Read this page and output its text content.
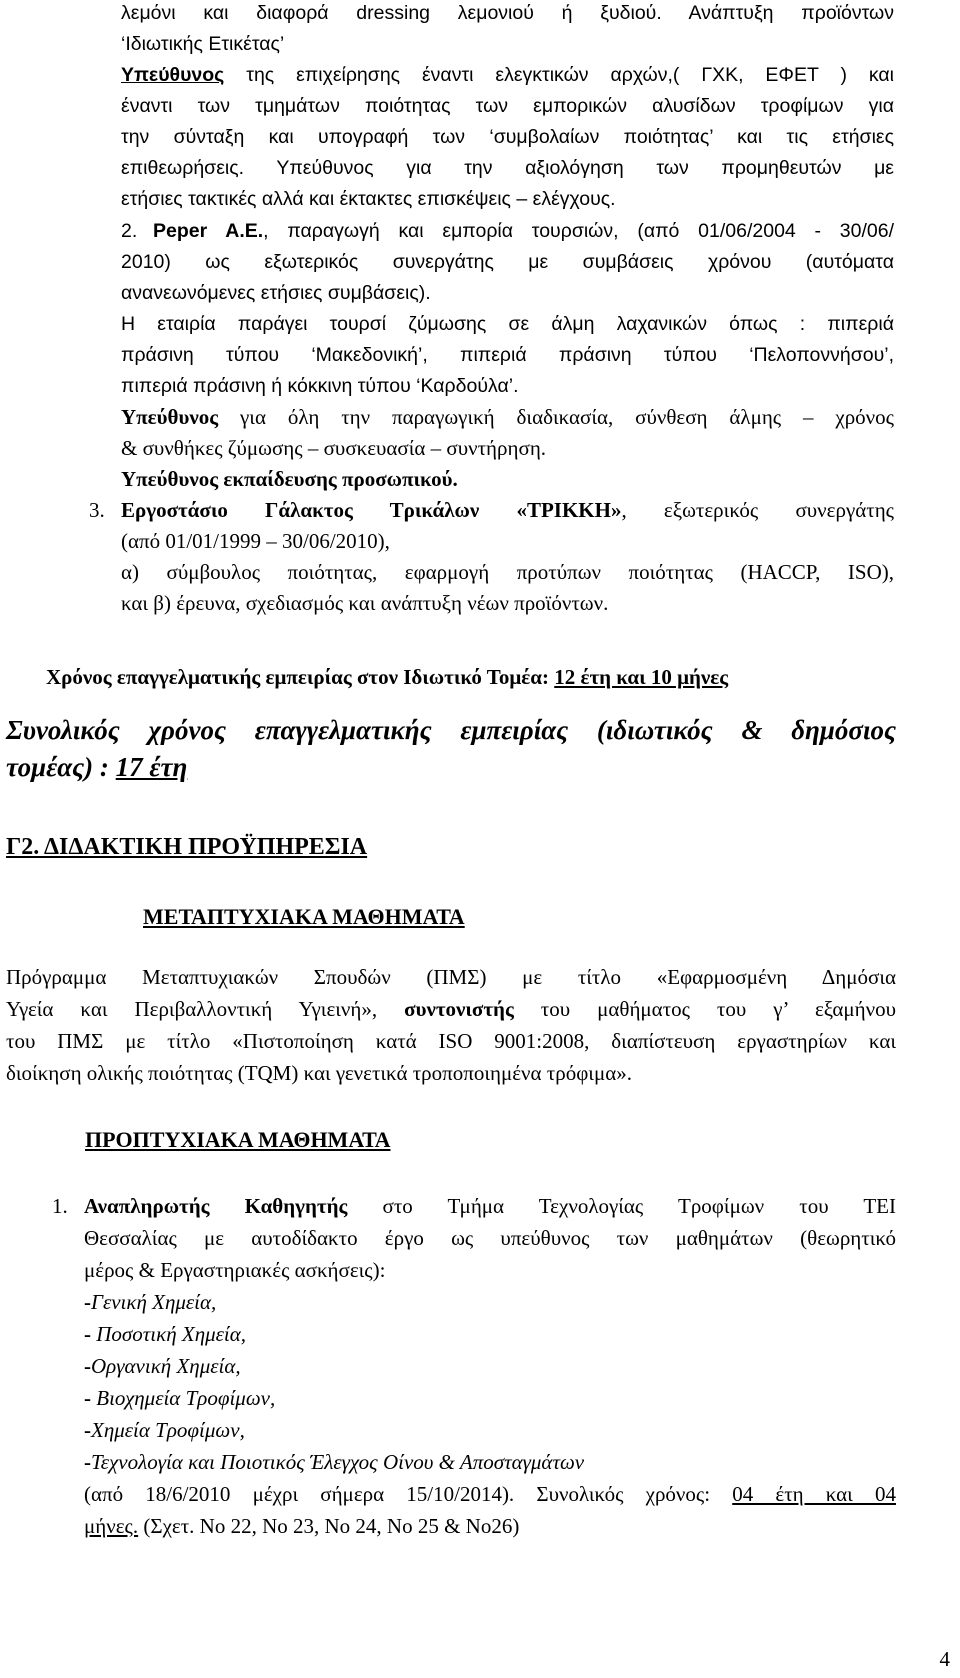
λεμόνι και διαφορά dressing λεμονιού ή ξυδιού. Ανάπτυξη προϊόντων

‘Ιδιωτικής Ετικέτας’

Υπεύθυνος της επιχείρησης έναντι ελεγκτικών αρχών,( ΓΧΚ, ΕΦΕΤ ) και

έναντι των τμημάτων ποιότητας των εμπορικών αλυσίδων τροφίμων για

την σύνταξη και υπογραφή των ‘συμβολαίων ποιότητας’ και τις ετήσιες

επιθεωρήσεις. Υπεύθυνος για την αξιολόγηση των προμηθευτών με

ετήσιες τακτικές αλλά και έκτακτες επισκέψεις – ελέγχους.

2. Peper A.E., παραγωγή και εμπορία τουρσιών, (από 01/06/2004 - 30/06/

2010) ως εξωτερικός συνεργάτης με συμβάσεις χρόνου (αυτόματα

ανανεωνόμενες ετήσιες συμβάσεις).

Η εταιρία παράγει τουρσί ζύμωσης σε άλμη λαχανικών όπως : πιπεριά

πράσινη τύπου ‘Μακεδονική’, πιπεριά πράσινη τύπου ‘Πελοποννήσου’,

πιπεριά πράσινη ή κόκκινη τύπου ‘Καρδούλα’.

Υπεύθυνος για όλη την παραγωγική διαδικασία, σύνθεση άλμης – χρόνος

& συνθήκες ζύμωσης – συσκευασία – συντήρηση.

Υπεύθυνος εκπαίδευσης προσωπικού.

3. Εργοστάσιο Γάλακτος Τρικάλων «ΤΡΙΚΚΗ», εξωτερικός συνεργάτης

(από 01/01/1999 – 30/06/2010),

α) σύμβουλος ποιότητας, εφαρμογή προτύπων ποιότητας (HACCP, ISO),

και β) έρευνα, σχεδιασμός και ανάπτυξη νέων προϊόντων.

Χρόνος επαγγελματικής εμπειρίας στον Ιδιωτικό Τομέα: 12 έτη και 10 μήνες

Συνολικός χρόνος επαγγελματικής εμπειρίας (ιδιωτικός & δημόσιος

τομέας) : 17 έτη

Γ2. ΔΙΔΑΚΤΙΚΗ ΠΡΟΫΠΗΡΕΣΙΑ

ΜΕΤΑΠΤΥΧΙΑΚΑ ΜΑΘΗΜΑΤΑ

Πρόγραμμα Μεταπτυχιακών Σπουδών (ΠΜΣ) με τίτλο «Εφαρμοσμένη Δημόσια

Υγεία και Περιβαλλοντική Υγιεινή», συντονιστής του μαθήματος του γ’ εξαμήνου

του ΠΜΣ με τίτλο «Πιστοποίηση κατά ISO 9001:2008, διαπίστευση εργαστηρίων και

διοίκηση ολικής ποιότητας (TQM) και γενετικά τροποποιημένα τρόφιμα».

ΠΡΟΠΤΥΧΙΑΚΑ ΜΑΘΗΜΑΤΑ

1. Αναπληρωτής Καθηγητής στο Τμήμα Τεχνολογίας Τροφίμων του ΤΕΙ

Θεσσαλίας με αυτοδίδακτο έργο ως υπεύθυνος των μαθημάτων (θεωρητικό

μέρος & Εργαστηριακές ασκήσεις):

-Γενική Χημεία,

- Ποσοτική Χημεία,

-Οργανική Χημεία,

- Βιοχημεία Τροφίμων,

-Χημεία Τροφίμων,

-Τεχνολογία και Ποιοτικός Έλεγχος Οίνου & Αποσταγμάτων

(από 18/6/2010 μέχρι σήμερα 15/10/2014). Συνολικός χρόνος: 04 έτη και 04

μήνες. (Σχετ. Νο 22, Νο 23, Νο 24, Νο 25 & Νο26)

4
